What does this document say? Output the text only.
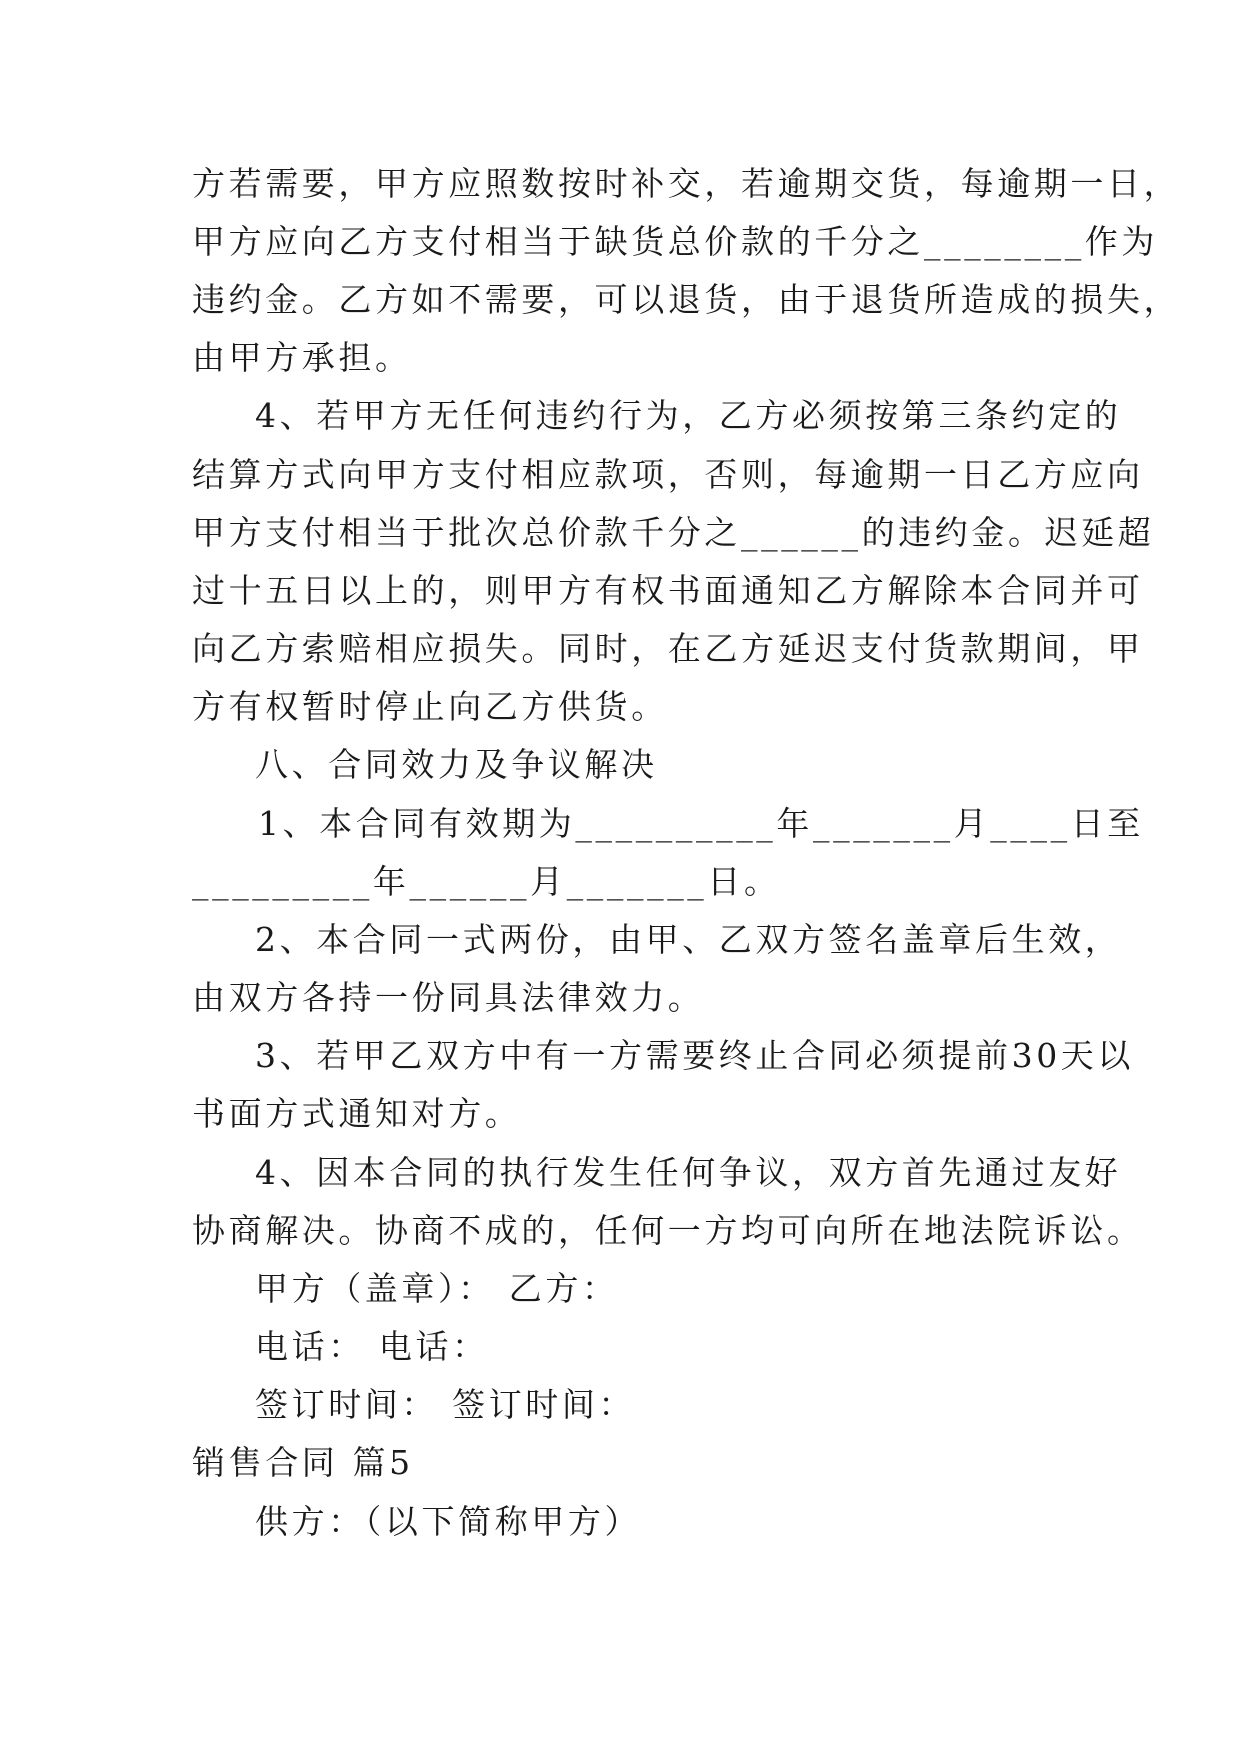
方若需要，甲方应照数按时补交，若逾期交货，每逾期一日，
甲方应向乙方支付相当于缺货总价款的千分之________作为
违约金。乙方如不需要，可以退货，由于退货所造成的损失，
由甲方承担。
4、若甲方无任何违约行为，乙方必须按第三条约定的
结算方式向甲方支付相应款项，否则，每逾期一日乙方应向
甲方支付相当于批次总价款千分之______的违约金。迟延超
过十五日以上的，则甲方有权书面通知乙方解除本合同并可
向乙方索赔相应损失。同时，在乙方延迟支付货款期间，甲
方有权暂时停止向乙方供货。
八、合同效力及争议解决
1、本合同有效期为__________年_______月____日至
_________年______月_______日。
2、本合同一式两份，由甲、乙双方签名盖章后生效，
由双方各持一份同具法律效力。
3、若甲乙双方中有一方需要终止合同必须提前30天以
书面方式通知对方。
4、因本合同的执行发生任何争议，双方首先通过友好
协商解决。协商不成的，任何一方均可向所在地法院诉讼。
甲方（盖章）： 乙方：
电话： 电话：
签订时间： 签订时间：
销售合同 篇5
供方：（以下简称甲方）
